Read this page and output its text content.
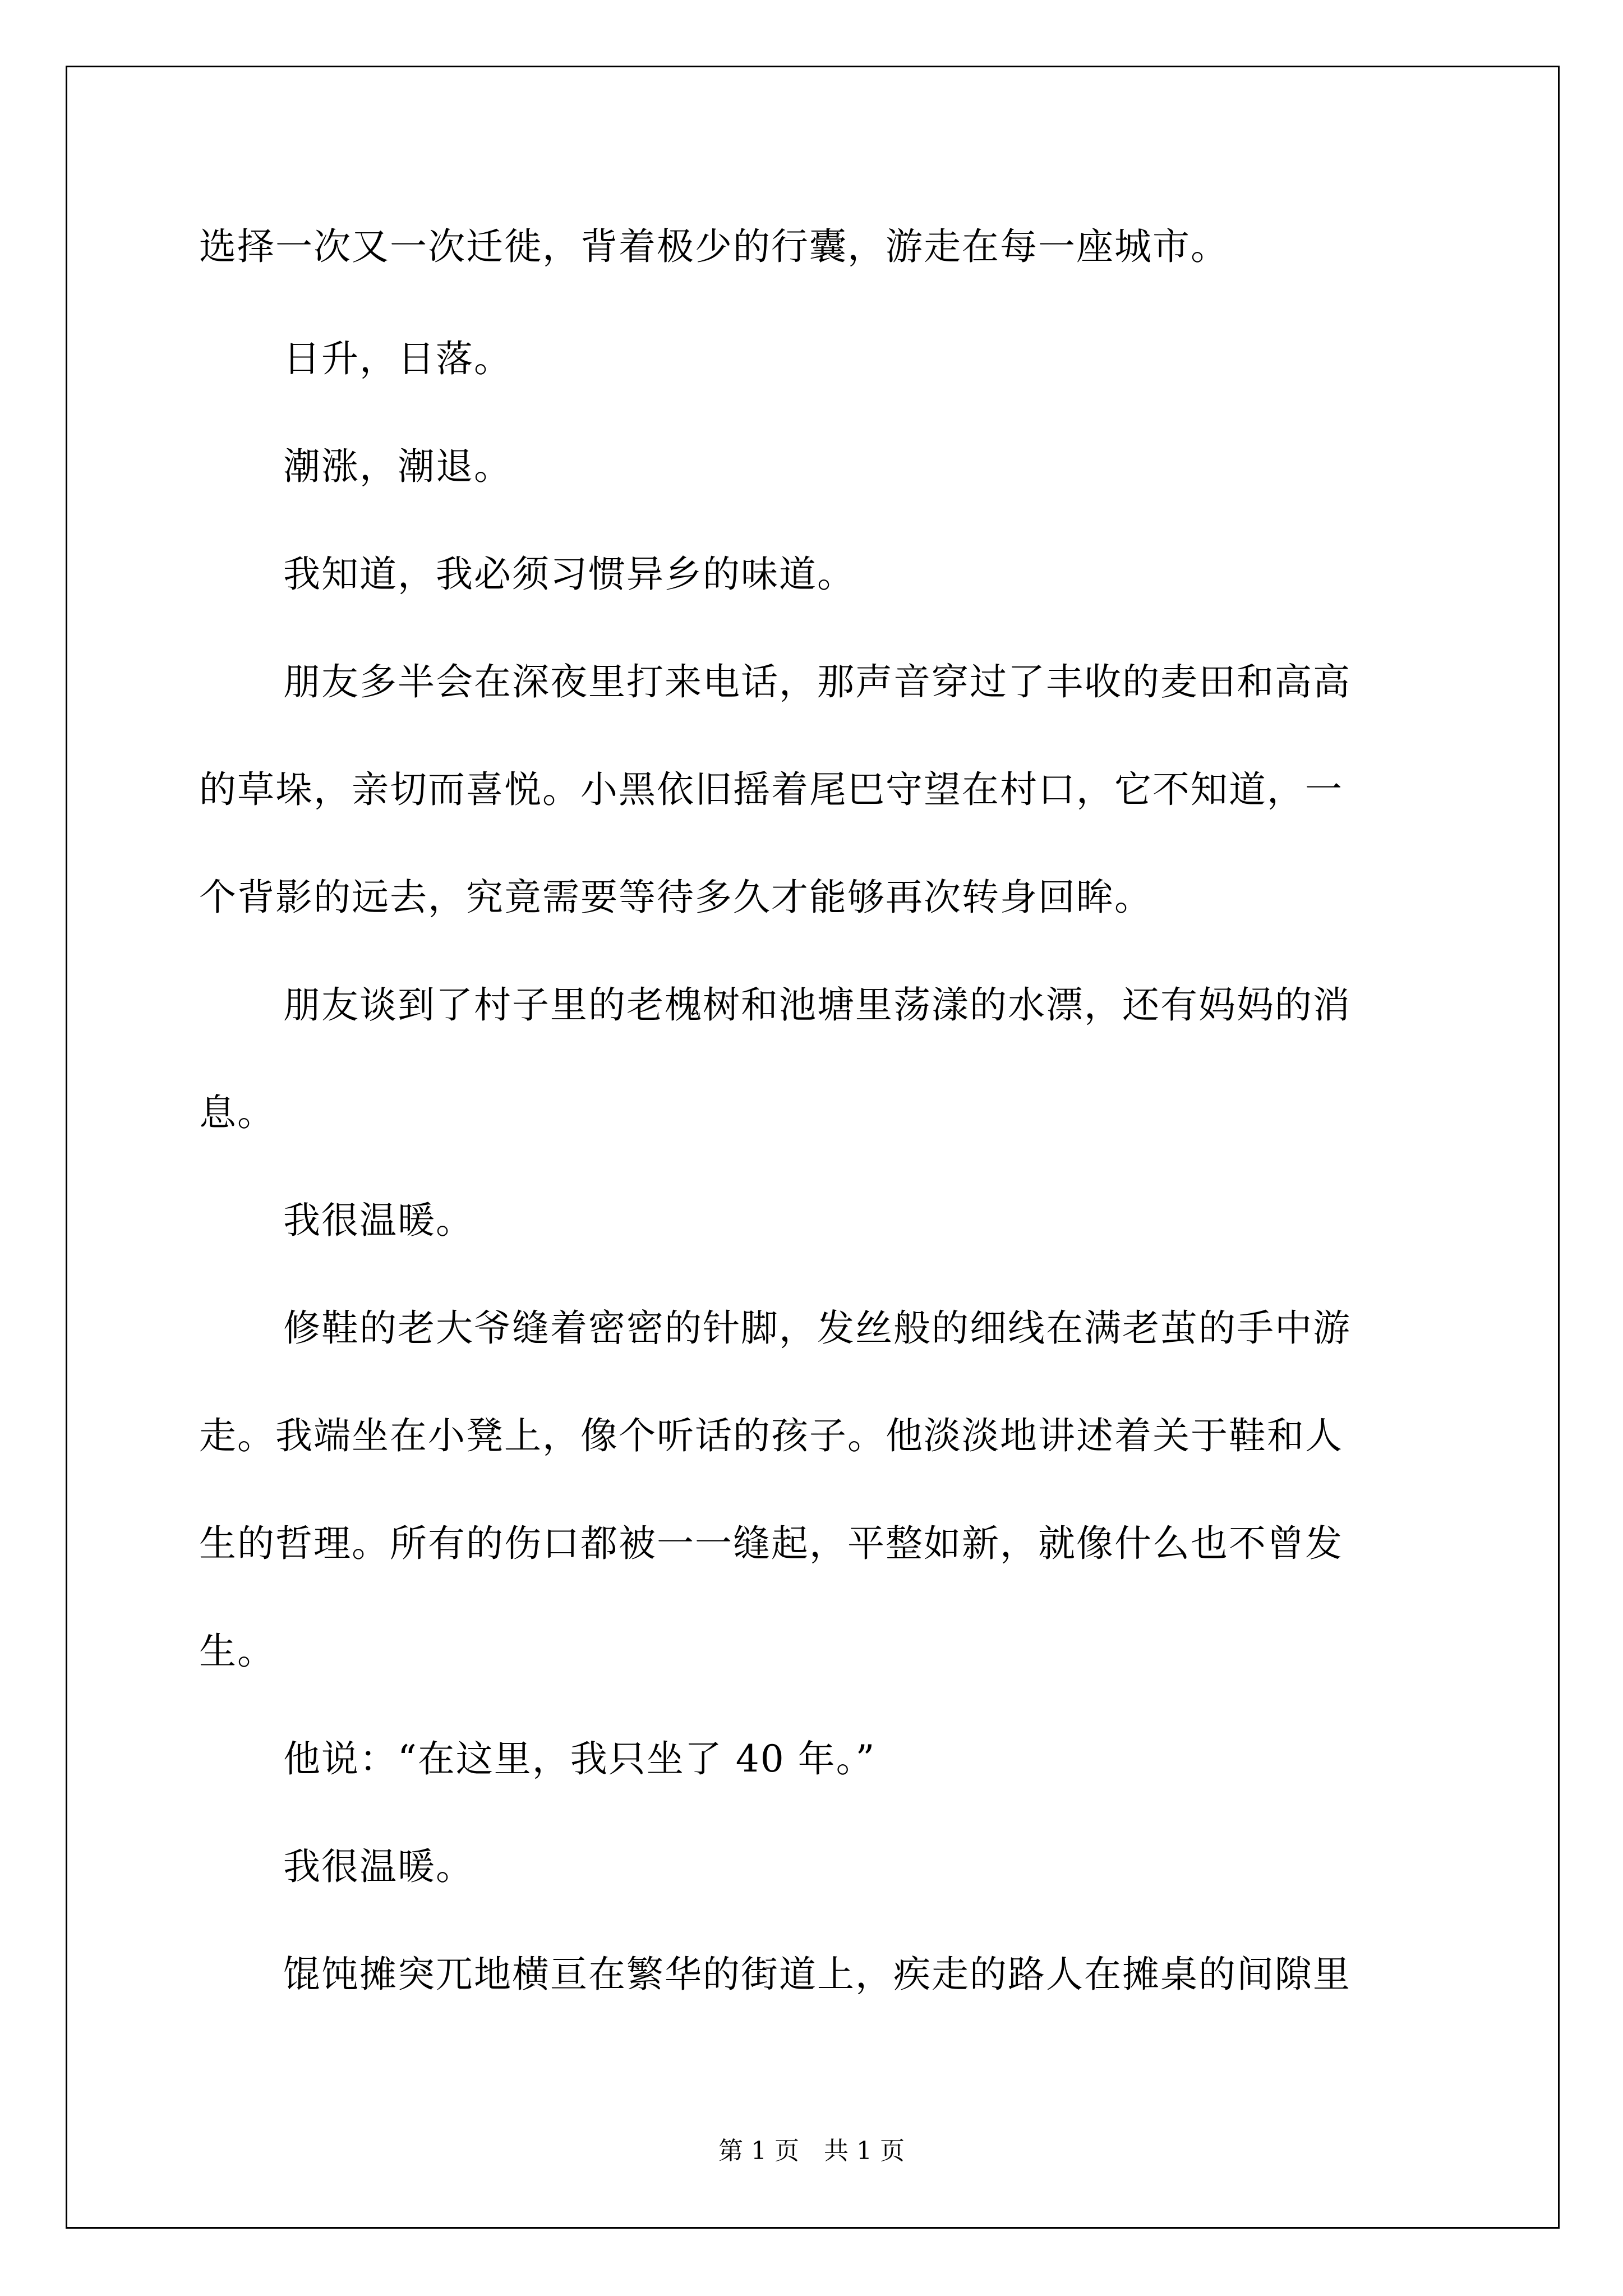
选择一次又一次迁徙，背着极少的行囊，游走在每一座城市。
日升，日落。
潮涨，潮退。
我知道，我必须习惯异乡的味道。
朋友多半会在深夜里打来电话，那声音穿过了丰收的麦田和高高
的草垛，亲切而喜悦。小黑依旧摇着尾巴守望在村口，它不知道，一
个背影的远去，究竟需要等待多久才能够再次转身回眸。
朋友谈到了村子里的老槐树和池塘里荡漾的水漂，还有妈妈的消
息。
我很温暖。
修鞋的老大爷缝着密密的针脚，发丝般的细线在满老茧的手中游
走。我端坐在小凳上，像个听话的孩子。他淡淡地讲述着关于鞋和人
生的哲理。所有的伤口都被一一缝起，平整如新，就像什么也不曾发
生。
他说：“在这里，我只坐了 40 年。”
我很温暖。
馄饨摊突兀地横亘在繁华的街道上，疾走的路人在摊桌的间隙里
第 1 页　共 1 页
